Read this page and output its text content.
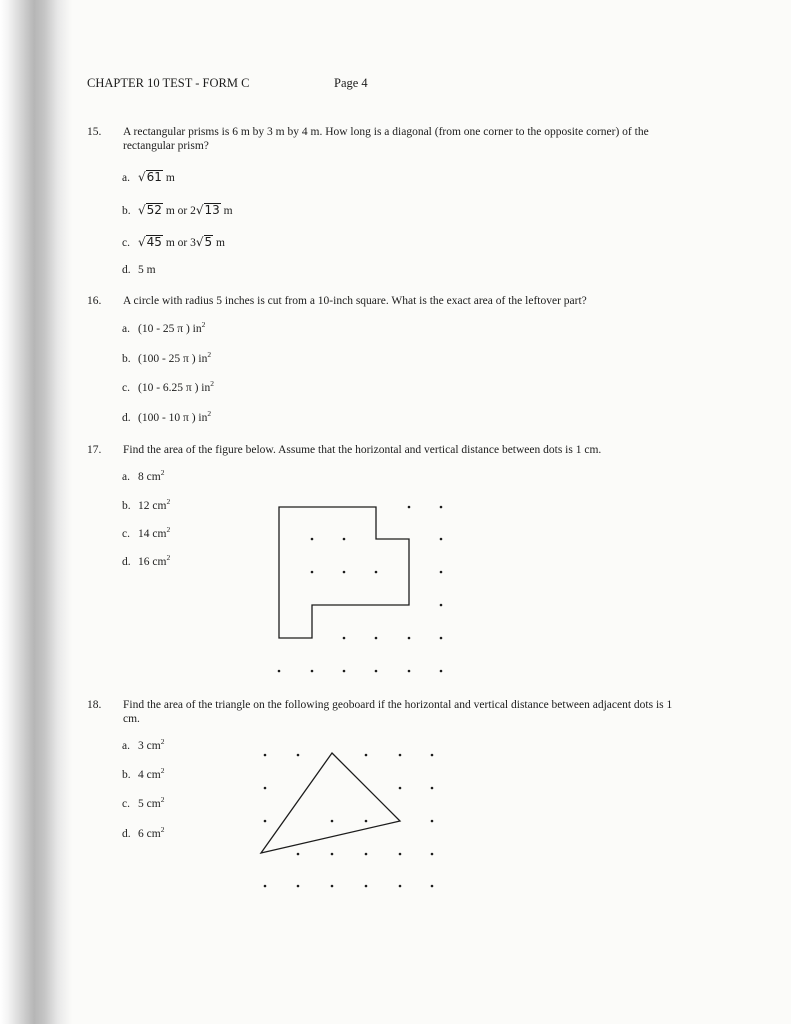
CHAPTER 10 TEST - FORM C	Page 4
15. A rectangular prisms is 6 m by 3 m by 4 m. How long is a diagonal (from one corner to the opposite corner) of the rectangular prism?
a. √61 m
b. √52 m or 2√13 m
c. √45 m or 3√5 m
d. 5 m
16. A circle with radius 5 inches is cut from a 10-inch square. What is the exact area of the leftover part?
a. (10 - 25 π ) $in^2$
b. (100 - 25 π ) $in^2$
c. (10 - 6.25 π ) $in^2$
d. (100 - 10 π ) $in^2$
17. Find the area of the figure below. Assume that the horizontal and vertical distance between dots is 1 cm.
a. 8 $cm^2$
b. 12 $cm^2$
c. 14 $cm^2$
d. 16 $cm^2$
18. Find the area of the triangle on the following geoboard if the horizontal and vertical distance between adjacent dots is 1 cm.
a. 3 $cm^2$
b. 4 $cm^2$
c. 5 $cm^2$
d. 6 $cm^2$
